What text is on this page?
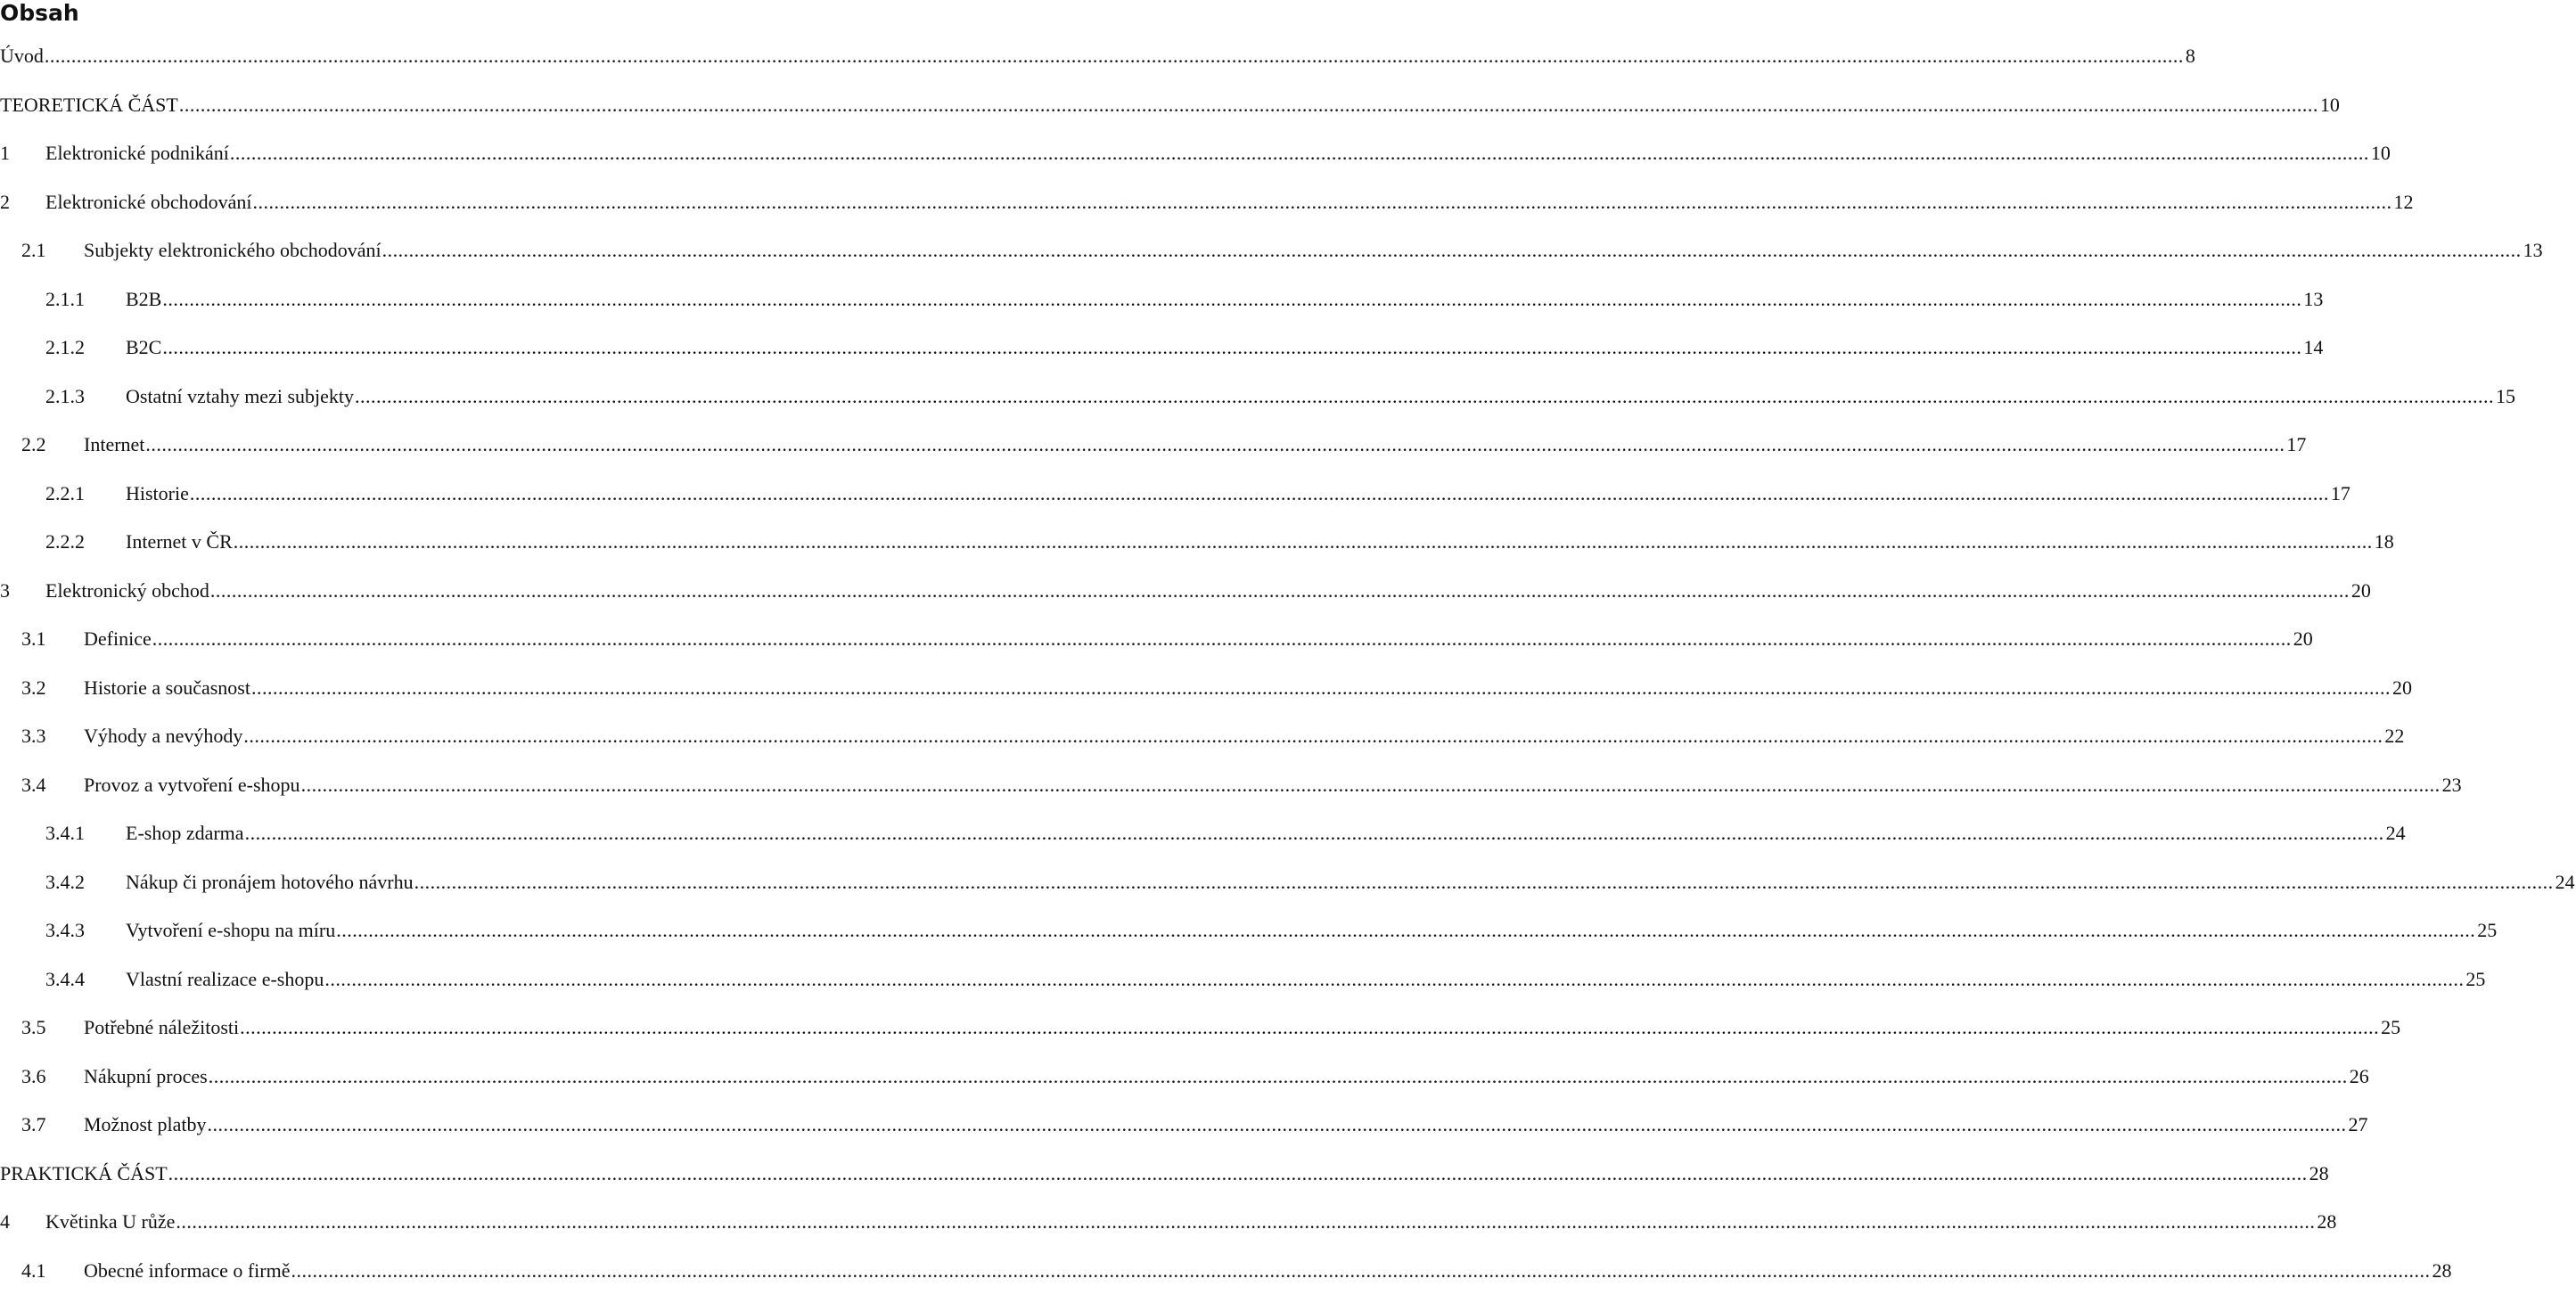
Obsah
Úvod ................................................................................................................................................................................................................................................................................................................................................................................................................ 8
TEORETICKÁ ČÁST ................................................................................................................................................................................................................................................................................................................................................................................................................ 10
1	Elektronické podnikání ................................................................................................................................................................................................................................................................................................................................................................................................................ 10
2	Elektronické obchodování ................................................................................................................................................................................................................................................................................................................................................................................................................ 12
2.1	Subjekty elektronického obchodování ................................................................................................................................................................................................................................................................................................................................................................................................................ 13
2.1.1	B2B ................................................................................................................................................................................................................................................................................................................................................................................................................ 13
2.1.2	B2C ................................................................................................................................................................................................................................................................................................................................................................................................................ 14
2.1.3	Ostatní vztahy mezi subjekty ................................................................................................................................................................................................................................................................................................................................................................................................................ 15
2.2	Internet ................................................................................................................................................................................................................................................................................................................................................................................................................ 17
2.2.1	Historie ................................................................................................................................................................................................................................................................................................................................................................................................................ 17
2.2.2	Internet v ČR ................................................................................................................................................................................................................................................................................................................................................................................................................ 18
3	Elektronický obchod ................................................................................................................................................................................................................................................................................................................................................................................................................ 20
3.1	Definice ................................................................................................................................................................................................................................................................................................................................................................................................................ 20
3.2	Historie a současnost ................................................................................................................................................................................................................................................................................................................................................................................................................ 20
3.3	Výhody a nevýhody ................................................................................................................................................................................................................................................................................................................................................................................................................ 22
3.4	Provoz a vytvoření e-shopu ................................................................................................................................................................................................................................................................................................................................................................................................................ 23
3.4.1	E-shop zdarma ................................................................................................................................................................................................................................................................................................................................................................................................................ 24
3.4.2	Nákup či pronájem hotového návrhu ................................................................................................................................................................................................................................................................................................................................................................................................................ 24
3.4.3	Vytvoření e-shopu na míru ................................................................................................................................................................................................................................................................................................................................................................................................................ 25
3.4.4	Vlastní realizace e-shopu ................................................................................................................................................................................................................................................................................................................................................................................................................ 25
3.5	Potřebné náležitosti ................................................................................................................................................................................................................................................................................................................................................................................................................ 25
3.6	Nákupní proces ................................................................................................................................................................................................................................................................................................................................................................................................................ 26
3.7	Možnost platby ................................................................................................................................................................................................................................................................................................................................................................................................................ 27
PRAKTICKÁ ČÁST ................................................................................................................................................................................................................................................................................................................................................................................................................ 28
4	Květinka U růže ................................................................................................................................................................................................................................................................................................................................................................................................................ 28
4.1	Obecné informace o firmě ................................................................................................................................................................................................................................................................................................................................................................................................................ 28
